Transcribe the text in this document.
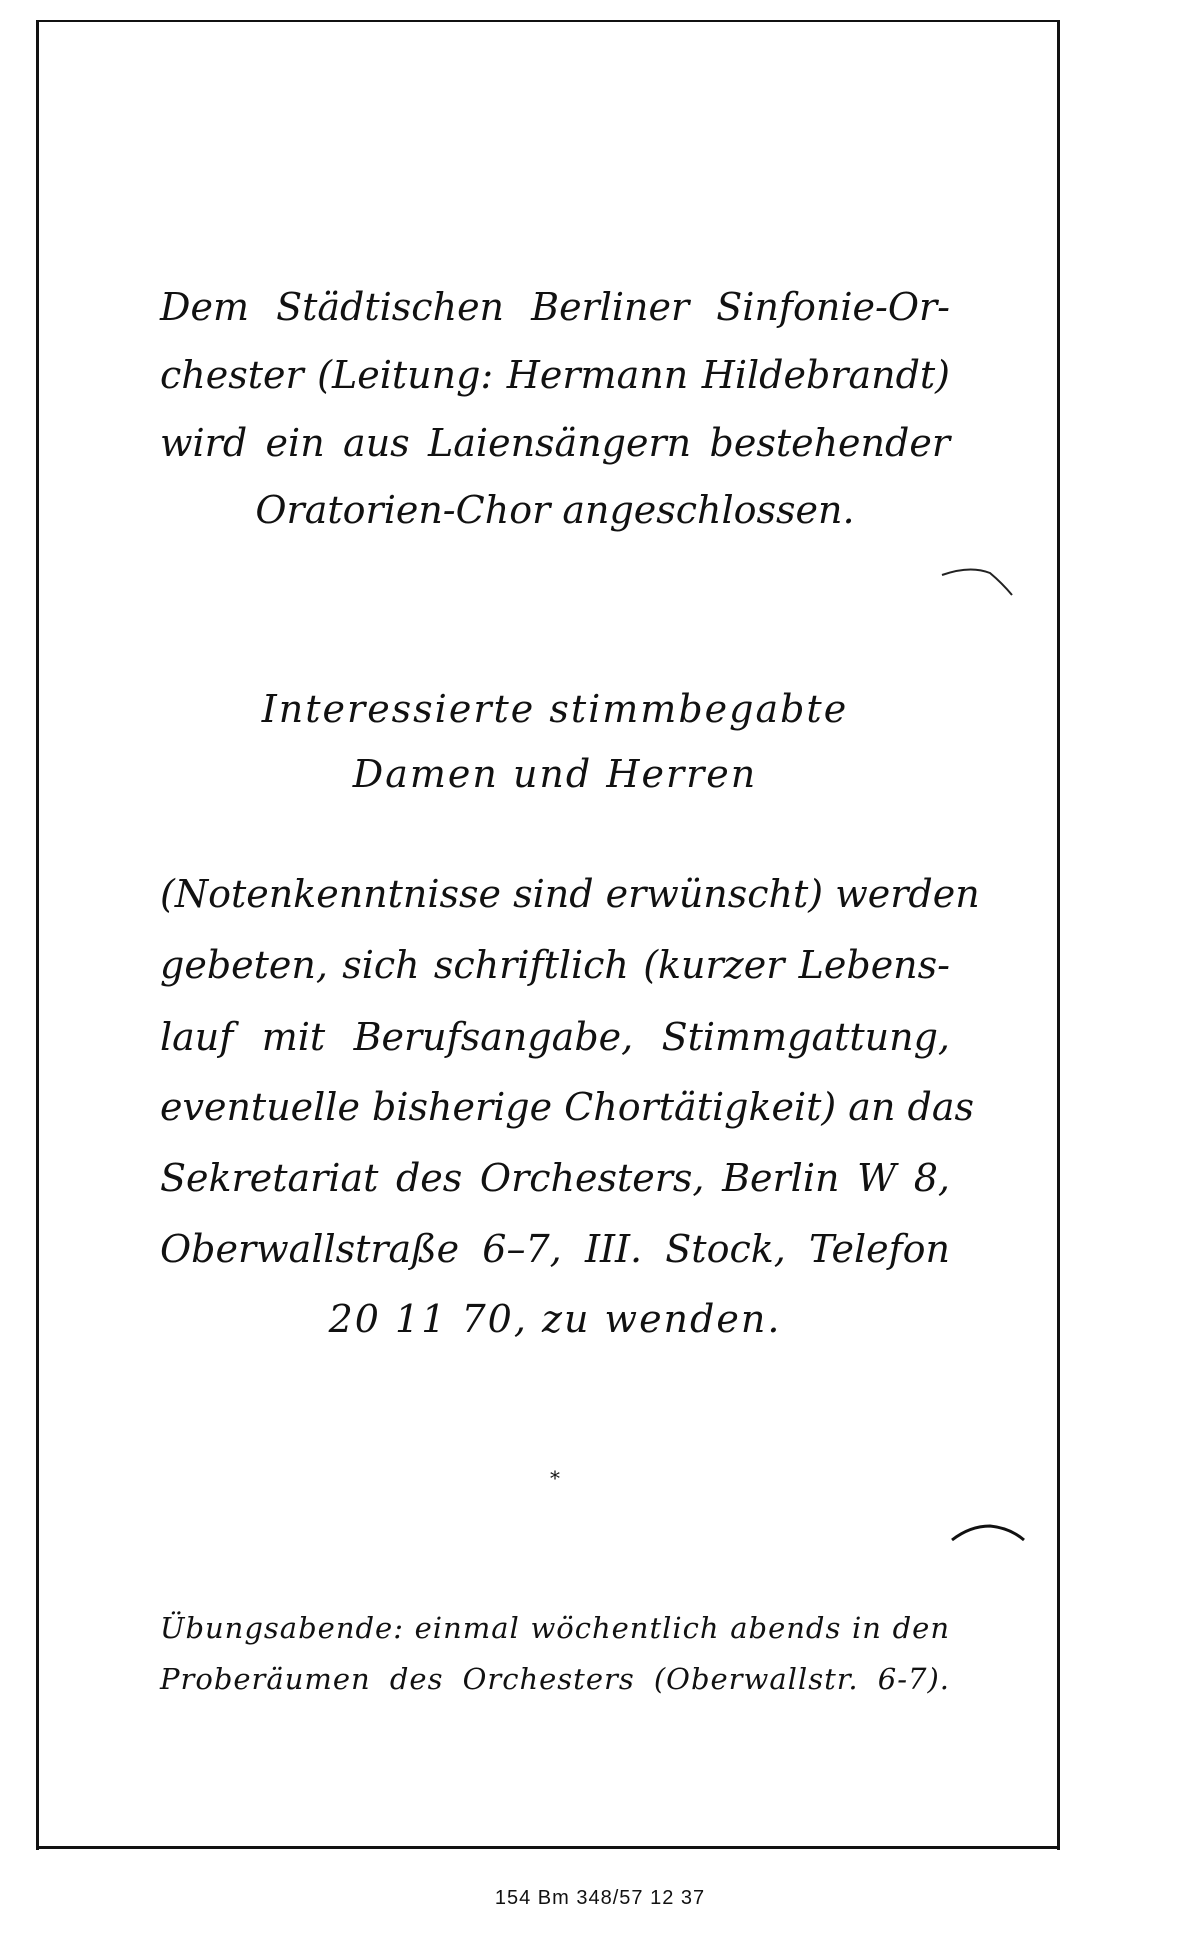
Dem Städtischen Berliner Sinfonie-Or-
chester (Leitung: Hermann Hildebrandt)
wird ein aus Laiensängern bestehender
Oratorien-Chor angeschlossen.
Interessierte stimmbegabte
Damen und Herren
(Notenkenntnisse sind erwünscht) werden
gebeten, sich schriftlich (kurzer Lebens-
lauf mit Berufsangabe, Stimmgattung,
eventuelle bisherige Chortätigkeit) an das
Sekretariat des Orchesters, Berlin W 8,
Oberwallstraße 6–7, III. Stock, Telefon
20 11 70, zu wenden.
*
Übungsabende: einmal wöchentlich abends in den
Proberäumen des Orchesters (Oberwallstr. 6-7).
154 Bm 348/57 12 37
